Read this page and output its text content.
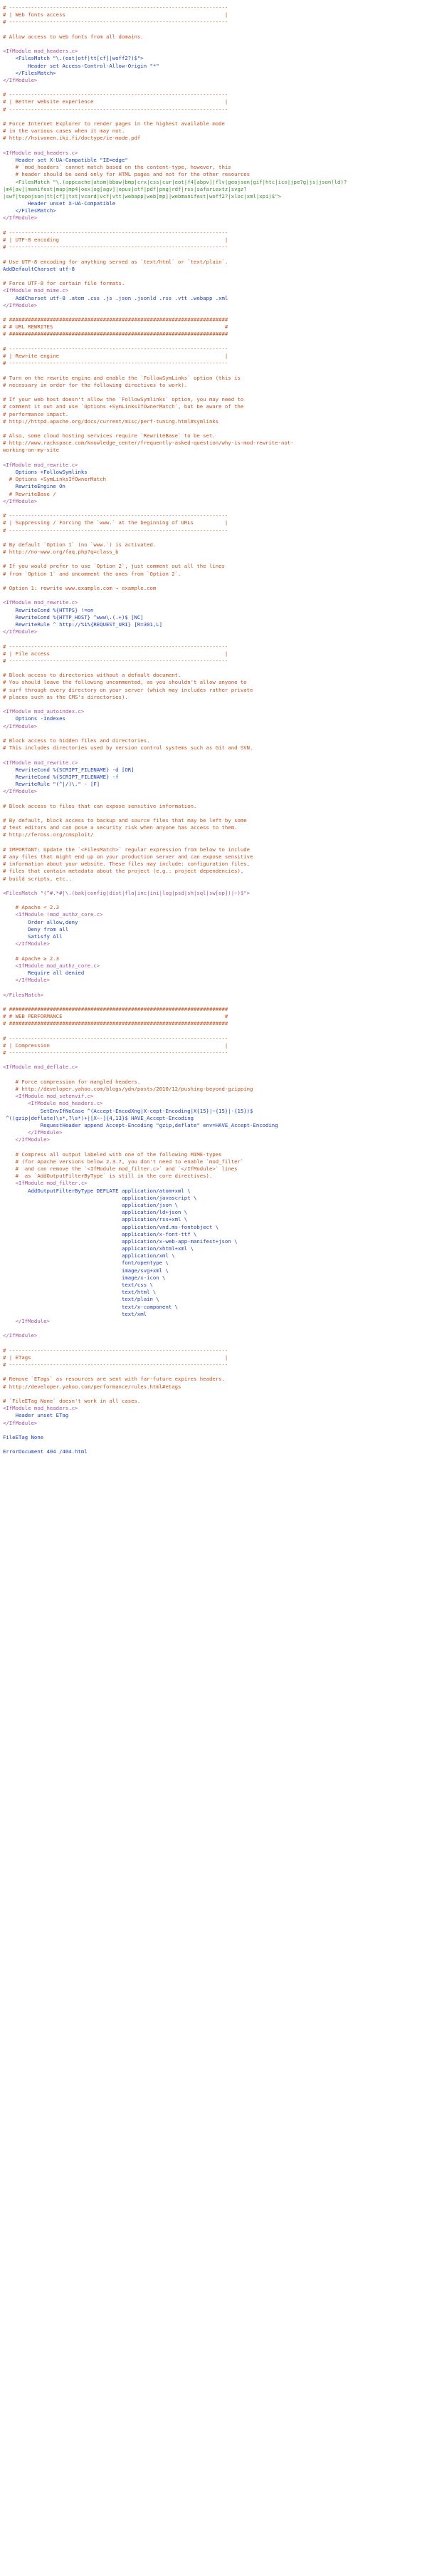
# ----------------------------------------------------------------------
# | Web fonts access                                                   |
# ----------------------------------------------------------------------
# Allow access to web fonts from all domains.
<IfModule mod_headers.c>
<FilesMatch "\.(eot|otf|tt[cf]|woff2?)$">
Header set Access-Control-Allow-Origin "*"
</FilesMatch>
</IfModule>
# ----------------------------------------------------------------------
# | Better website experience                                          |
# ----------------------------------------------------------------------
# Force Internet Explorer to render pages in the highest available mode
# in the various cases when it may not.
# http://hsivonen.iki.fi/doctype/ie-mode.pdf
<IfModule mod_headers.c>
Header set X-UA-Compatible "IE=edge"
# `mod_headers` cannot match based on the content-type, however, this
# header should be send only for HTML pages and not for the other resources
<FilesMatch "\.(appcache|atom|bbaw|bmp|crx|css|cur|eot|f4[abpv]|flv|geojson|gif|htc|ico|jpe?g|js|json(ld)?
|m4[av]|manifest|map|mp4|oex|og[agv]|opus|otf|pdf|png|rdf|rss|safariextz|svgz?
|swf|topojson|tt[cf]|txt|vcard|vcf|vtt|webapp|web[mp]|webmanifest|woff2?|xloc|xml|xpi)$">
Header unset X-UA-Compatible
</FilesMatch>
</IfModule>
# ----------------------------------------------------------------------
# | UTF-8 encoding                                                     |
# ----------------------------------------------------------------------
# Use UTF-8 encoding for anything served as `text/html` or `text/plain`.
AddDefaultCharset utf-8
# Force UTF-8 for certain file formats.
<IfModule mod_mime.c>
AddCharset utf-8 .atom .css .js .json .jsonld .rss .vtt .webapp .xml
</IfModule>
# ######################################################################
# # URL REWRITES                                                       #
# ######################################################################
# ----------------------------------------------------------------------
# | Rewrite engine                                                     |
# ----------------------------------------------------------------------
# Turn on the rewrite engine and enable the `FollowSymLinks` option (this is
# necessary in order for the following directives to work).
# If your web host doesn't allow the `FollowSymlinks` option, you may need to
# comment it out and use `Options +SymLinksIfOwnerMatch`, but be aware of the
# performance impact.
# http://httpd.apache.org/docs/current/misc/perf-tuning.html#symlinks
# Also, some cloud hosting services require `RewriteBase` to be set.
# http://www.rackspace.com/knowledge_center/frequently-asked-question/why-is-mod-rewrite-not-
working-on-my-site
<IfModule mod_rewrite.c>
Options +FollowSymlinks
# Options +SymLinksIfOwnerMatch
RewriteEngine On
# RewriteBase /
</IfModule>
# ----------------------------------------------------------------------
# | Suppressing / Forcing the `www.` at the beginning of URLs          |
# ----------------------------------------------------------------------
# By default `Option 1` (no `www.`) is activated.
# http://no-www.org/faq.php?q=class_b
# If you would prefer to use `Option 2`, just comment out all the lines
# from `Option 1` and uncomment the ones from `Option 2`.
# Option 1: rewrite www.example.com → example.com
<IfModule mod_rewrite.c>
RewriteCond %{HTTPS} !=on
RewriteCond %{HTTP_HOST} ^www\.(.+)$ [NC]
RewriteRule ^ http://%1%{REQUEST_URI} [R=301,L]
</IfModule>
# ----------------------------------------------------------------------
# | File access                                                        |
# ----------------------------------------------------------------------
# Block access to directories without a default document.
# You should leave the following uncommented, as you shouldn't allow anyone to
# surf through every directory on your server (which may includes rather private
# places such as the CMS's directories).
<IfModule mod_autoindex.c>
Options -Indexes
</IfModule>
# Block access to hidden files and directories.
# This includes directories used by version control systems such as Git and SVN.
<IfModule mod_rewrite.c>
RewriteCond %{SCRIPT_FILENAME} -d [OR]
RewriteCond %{SCRIPT_FILENAME} -f
RewriteRule "(^|/)\." - [F]
</IfModule>
# Block access to files that can expose sensitive information.
# By default, block access to backup and source files that may be left by some
# text editors and can pose a security risk when anyone has access to them.
# http://feross.org/cmsploit/
# IMPORTANT: Update the `<FilesMatch>` regular expression from below to include
# any files that might end up on your production server and can expose sensitive
# information about your website. These files may include: configuration files,
# files that contain metadata about the project (e.g.: project dependencies),
# build scripts, etc..
<FilesMatch "(^#.*#|\.(bak|config|dist|fla|inc|ini|log|psd|sh|sql|sw[op])|~)$">
# Apache < 2.3
<IfModule !mod_authz_core.c>
Order allow,deny
Deny from all
Satisfy All
</IfModule>
# Apache ≥ 2.3
<IfModule mod_authz_core.c>
Require all denied
</IfModule>
</FilesMatch>
# ######################################################################
# # WEB PERFORMANCE                                                    #
# ######################################################################
# ----------------------------------------------------------------------
# | Compression                                                        |
# ----------------------------------------------------------------------
<IfModule mod_deflate.c>
# Force compression for mangled headers.
# http://developer.yahoo.com/blogs/ydn/posts/2010/12/pushing-beyond-gzipping
<IfModule mod_setenvif.c>
<IfModule mod_headers.c>
SetEnvIfNoCase ^(Accept-EncodXng|X-cept-Encoding|X{15}|~{15}|-{15})$
^((gzip|deflate)\s*,?\s*)+|[X~-]{4,13}$ HAVE_Accept-Encoding
RequestHeader append Accept-Encoding "gzip,deflate" env=HAVE_Accept-Encoding
</IfModule>
</IfModule>
# Compress all output labeled with one of the following MIME-types
# (for Apache versions below 2.3.7, you don't need to enable `mod_filter`
#  and can remove the `<IfModule mod_filter.c>` and `</IfModule>` lines
#  as `AddOutputFilterByType` is still in the core directives).
<IfModule mod_filter.c>
AddOutputFilterByType DEFLATE application/atom+xml \
application/javascript \
application/json \
application/ld+json \
application/rss+xml \
application/vnd.ms-fontobject \
application/x-font-ttf \
application/x-web-app-manifest+json \
application/xhtml+xml \
application/xml \
font/opentype \
image/svg+xml \
image/x-icon \
text/css \
text/html \
text/plain \
text/x-component \
text/xml
</IfModule>
</IfModule>
# ----------------------------------------------------------------------
# | ETags                                                              |
# ----------------------------------------------------------------------
# Remove `ETags` as resources are sent with far-future expires headers.
# http://developer.yahoo.com/performance/rules.html#etags
# `FileETag None` doesn't work in all cases.
<IfModule mod_headers.c>
Header unset ETag
</IfModule>
FileETag None
ErrorDocument 404 /404.html
